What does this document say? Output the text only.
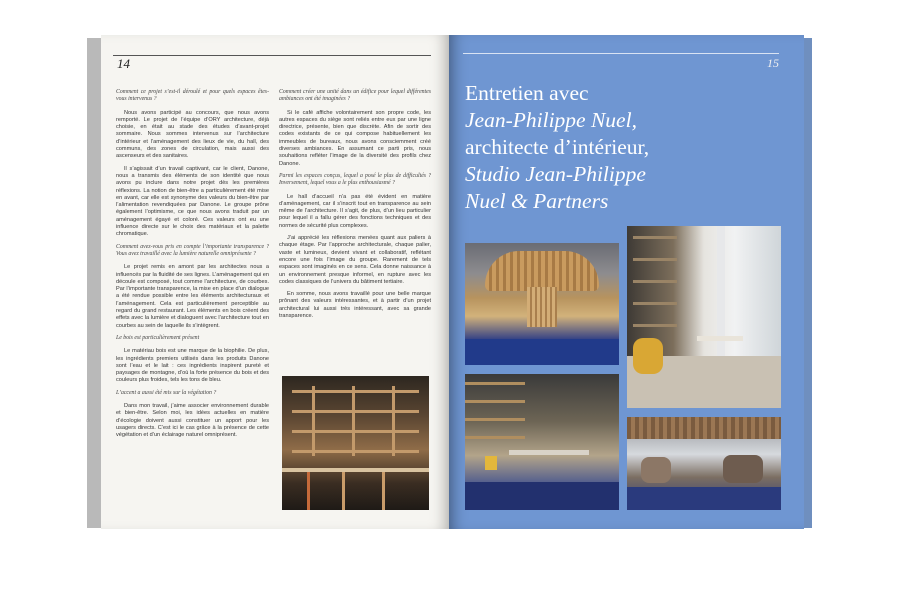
14	15

Comment ce projet s’est-il déroulé et pour quels espaces êtes-vous intervenus ?

Nous avons participé au concours, que nous avons remporté. Le projet de l’équipe d’ORY architecture, déjà choisie, en était au stade des études d’avant-projet sommaire. Nous sommes intervenus sur l’architecture d’intérieur et l’aménagement des lieux de vie, du hall, des communs, des zones de circulation, mais aussi des ascenseurs et des sanitaires.

Il s’agissait d’un travail captivant, car le client, Danone, nous a transmis des éléments de son identité que nous avons pu inclure dans notre projet dès les premières réflexions. La notion de bien-être a particulièrement été mise en avant, car elle est synonyme des valeurs du bien-être par l’alimentation revendiquées par Danone. Le groupe prône également l’optimisme, ce que nous avons traduit par un aménagement égayé et coloré. Ces valeurs ont eu une influence directe sur le choix des matériaux et la palette chromatique.

Comment avez-vous pris en compte l’importante transparence ? Vous avez travaillé avec la lumière naturelle omniprésente ?

Le projet remis en amont par les architectes nous a influencés par la fluidité de ses lignes. L’aménagement qui en découle est composé, tout comme l’architecture, de courbes. Par l’importante transparence, la mise en place d’un dialogue a été rendue possible entre les éléments architecturaux et l’aménagement. Cela est particulièrement perceptible au regard du grand restaurant. Les éléments en bois créent des effets avec la lumière et dialoguent avec l’architecture tout en courbes au sein de laquelle ils s’intègrent.

Le bois est particulièrement présent

Le matériau bois est une marque de la biophilie. De plus, les ingrédients premiers utilisés dans les produits Danone sont l’eau et le lait : ces ingrédients inspirent pureté et paysages de montagne, d’où la forte présence du bois et des couleurs plus froides, tels les tons de bleu.

L’accent a aussi été mis sur la végétation ?

Dans mon travail, j’aime associer environnement durable et bien-être. Selon moi, les idées actuelles en matière d’écologie doivent aussi constituer un apport pour les usagers directs. C’est ici le cas grâce à la présence de cette végétation et d’un éclairage naturel omniprésent.

Comment créer une unité dans un édifice pour lequel différentes ambiances ont été imaginées ?

Si le café affiche volontairement son propre code, les autres espaces du siège sont reliés entre eux par une ligne directrice, présente, bien que discrète. Afin de sortir des codes existants de ce qui compose habituellement les immeubles de bureaux, nous avons consciemment créé diverses ambiances. En assumant ce parti pris, nous souhaitions refléter l’image de la diversité des profils chez Danone.

Parmi les espaces conçus, lequel a posé le plus de difficultés ? Inversement, lequel vous a le plus enthousiasmé ?

Le hall d’accueil n’a pas été évident en matière d’aménagement, car il s’inscrit tout en transparence au sein même de l’architecture. Il s’agit, de plus, d’un lieu particulier pour lequel il a fallu gérer des fonctions techniques et des normes de sécurité plus complexes.

J’ai apprécié les réflexions menées quant aux paliers à chaque étage. Par l’approche architecturale, chaque palier, vaste et lumineux, devient vivant et collaboratif, reflétant encore une fois l’image du groupe. Rarement de tels espaces sont imaginés en ce sens. Cela donne naissance à un environnement presque informel, en rupture avec les codes classiques de l’univers du bâtiment tertiaire.

En somme, nous avons travaillé pour une belle marque prônant des valeurs intéressantes, et à partir d’un projet architectural lui aussi très intéressant, avec sa grande transparence.

Entretien avec
Jean-Philippe Nuel,
architecte d’intérieur,
Studio Jean-Philippe
Nuel & Partners
